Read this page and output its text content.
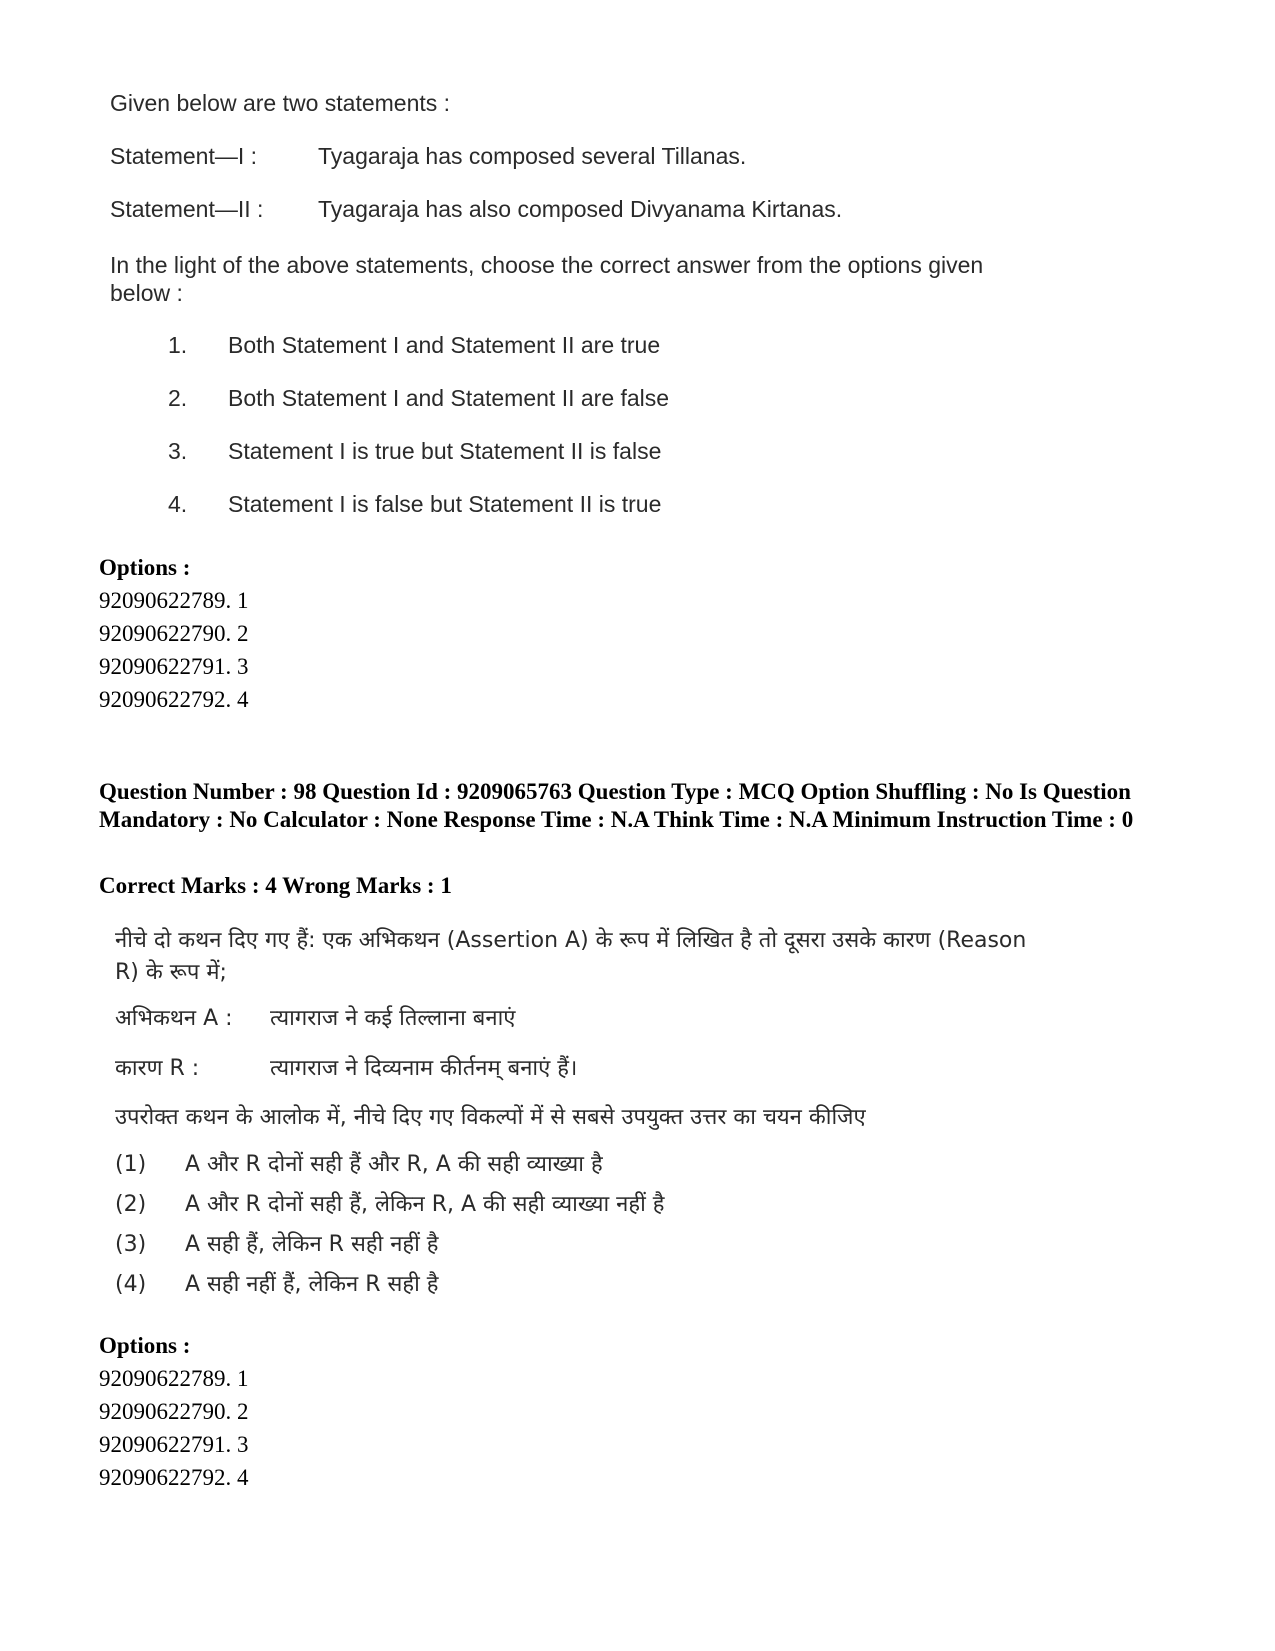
Given below are two statements :
Statement—I :	Tyagaraja has composed several Tillanas.
Statement—II : Tyagaraja has also composed Divyanama Kirtanas.
In the light of the above statements, choose the correct answer from the options given below :
1. Both Statement I and Statement II are true
2. Both Statement I and Statement II are false
3. Statement I is true but Statement II is false
4. Statement I is false but Statement II is true
Options :
92090622789. 1
92090622790. 2
92090622791. 3
92090622792. 4
Question Number : 98 Question Id : 9209065763 Question Type : MCQ Option Shuffling : No Is Question Mandatory : No Calculator : None Response Time : N.A Think Time : N.A Minimum Instruction Time : 0
Correct Marks : 4 Wrong Marks : 1
नीचे दो कथन दिए गए हैं: एक अभिकथन (Assertion A) के रूप में लिखित है तो दूसरा उसके कारण (Reason R) के रूप में;
अभिकथन A : त्यागराज ने कई तिल्लाना बनाएं
कारण R :	त्यागराज ने दिव्यनाम कीर्तनम् बनाएं हैं।
उपरोक्त कथन के आलोक में, नीचे दिए गए विकल्पों में से सबसे उपयुक्त उत्तर का चयन कीजिए
(1) A और R दोनों सही हैं और R, A की सही व्याख्या है
(2) A और R दोनों सही हैं, लेकिन R, A की सही व्याख्या नहीं है
(3) A सही हैं, लेकिन R सही नहीं है
(4) A सही नहीं हैं, लेकिन R सही है
Options :
92090622789. 1
92090622790. 2
92090622791. 3
92090622792. 4
